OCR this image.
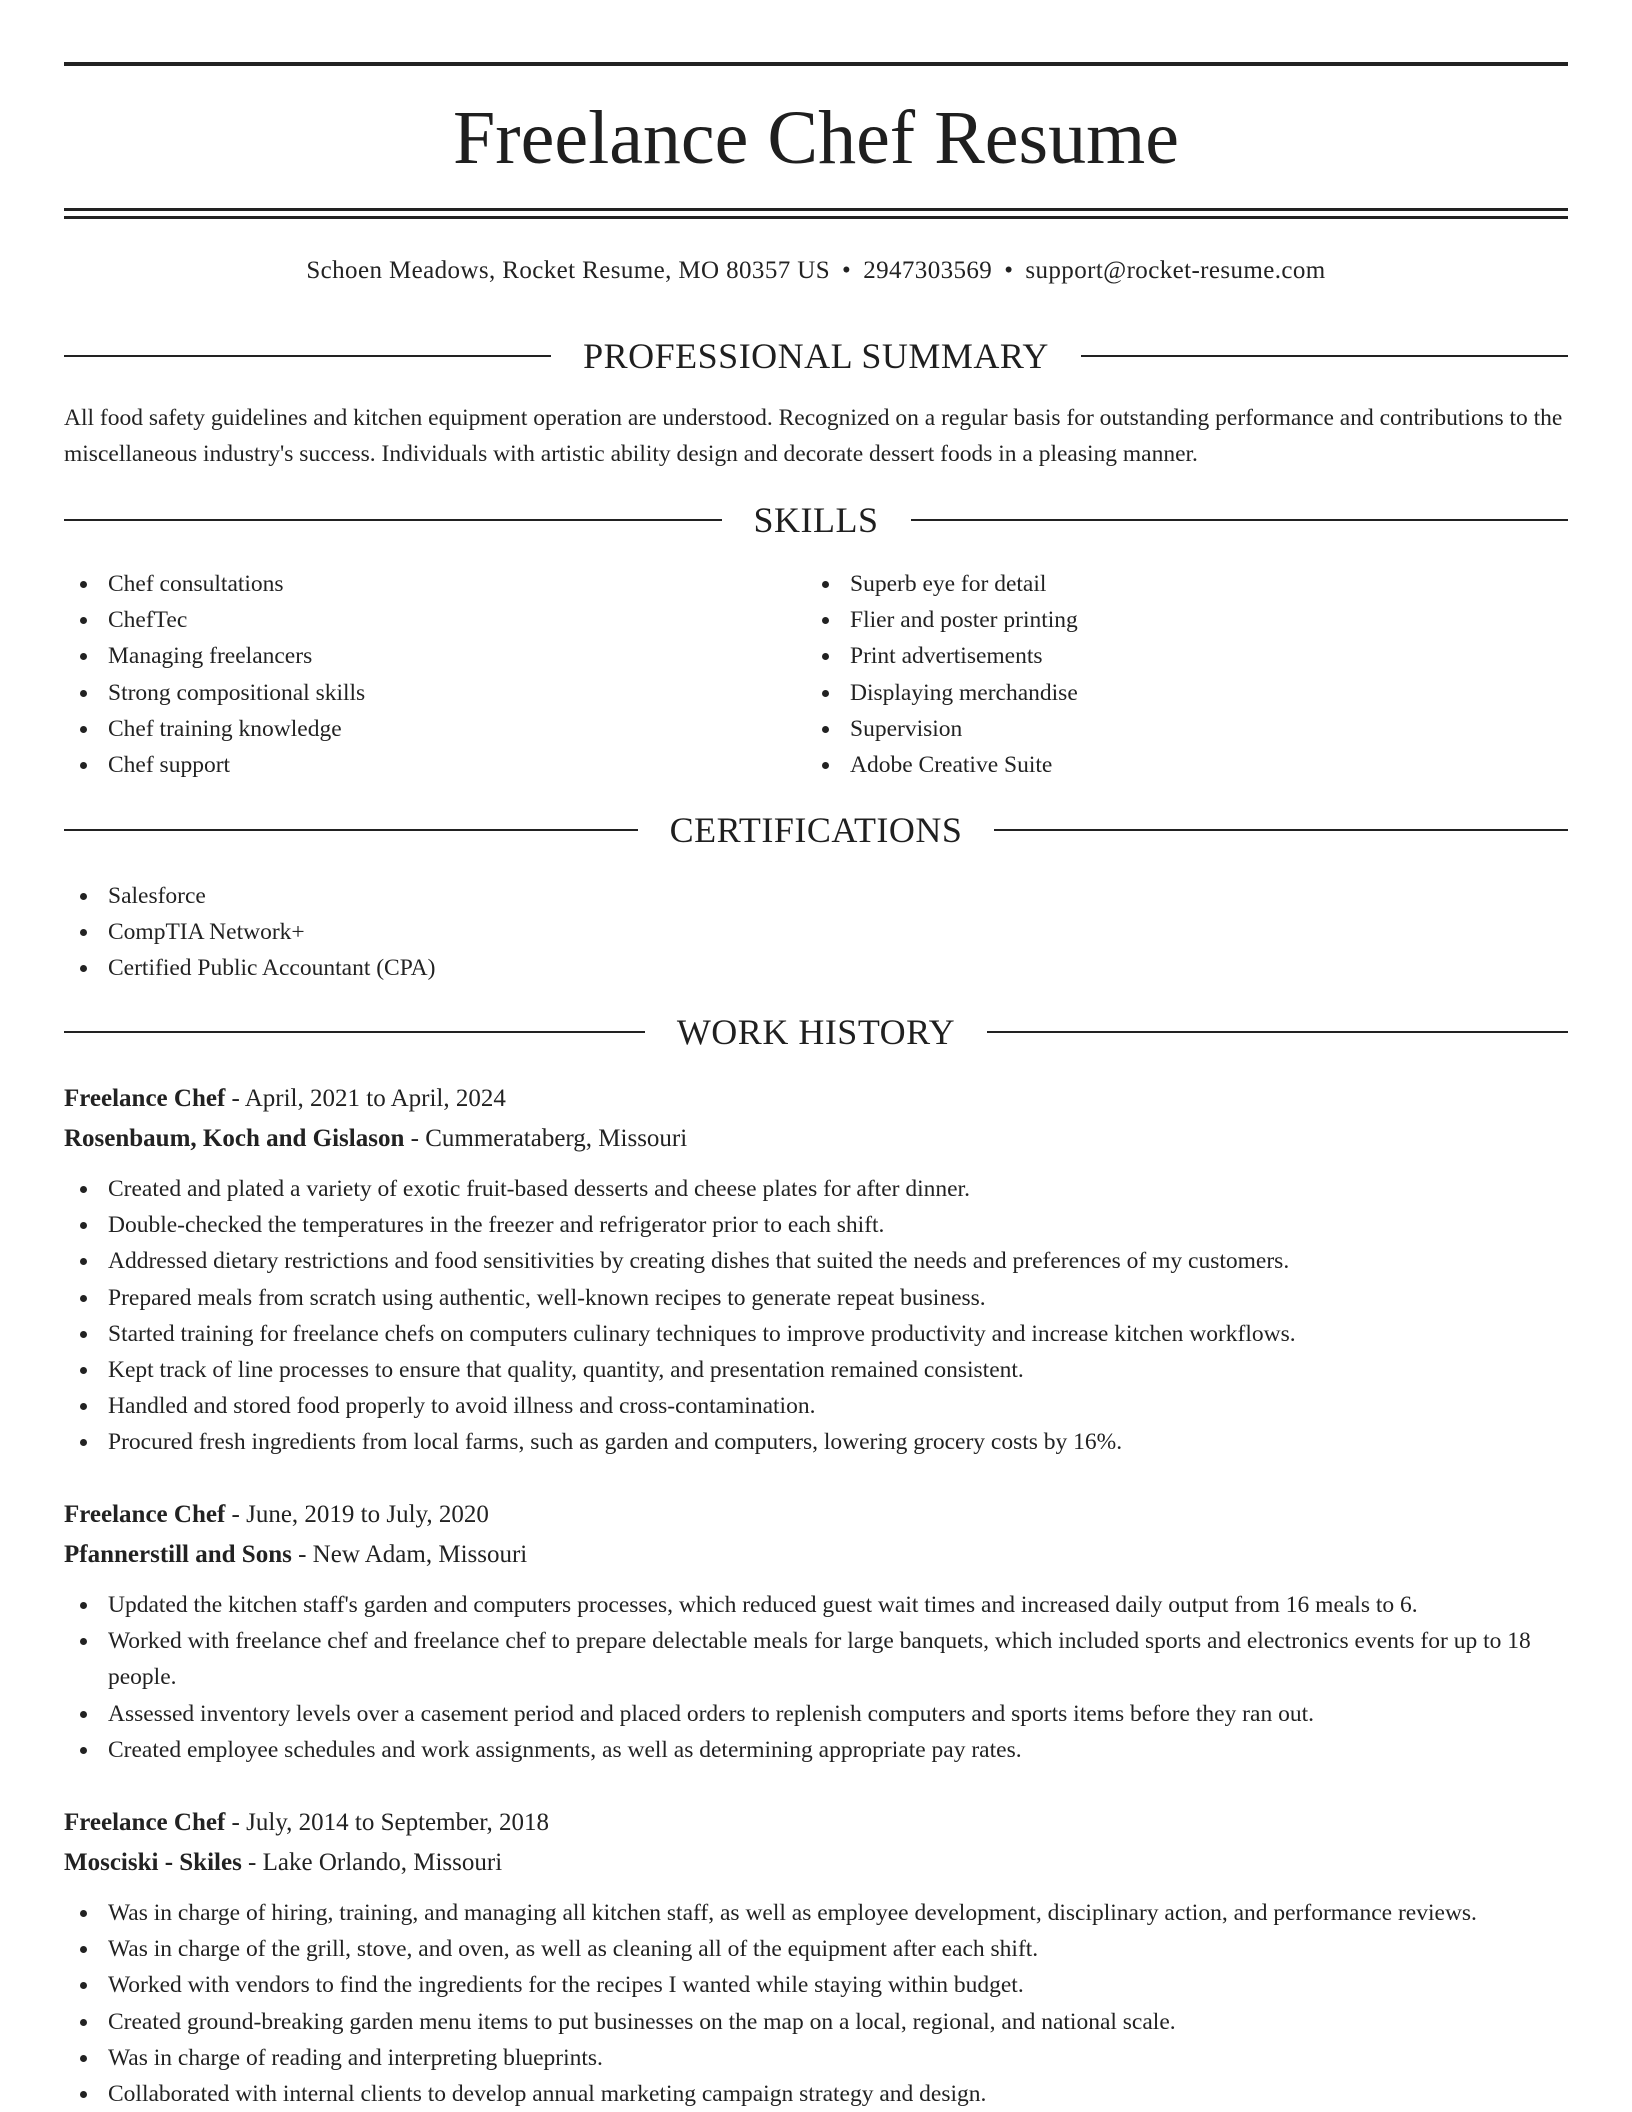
Freelance Chef Resume
Schoen Meadows, Rocket Resume, MO 80357 US • 2947303569 • support@rocket-resume.com
PROFESSIONAL SUMMARY
All food safety guidelines and kitchen equipment operation are understood. Recognized on a regular basis for outstanding performance and contributions to the miscellaneous industry's success. Individuals with artistic ability design and decorate dessert foods in a pleasing manner.
SKILLS
Chef consultations
ChefTec
Managing freelancers
Strong compositional skills
Chef training knowledge
Chef support
Superb eye for detail
Flier and poster printing
Print advertisements
Displaying merchandise
Supervision
Adobe Creative Suite
CERTIFICATIONS
Salesforce
CompTIA Network+
Certified Public Accountant (CPA)
WORK HISTORY
Freelance Chef - April, 2021 to April, 2024
Rosenbaum, Koch and Gislason - Cummerataberg, Missouri
Created and plated a variety of exotic fruit-based desserts and cheese plates for after dinner.
Double-checked the temperatures in the freezer and refrigerator prior to each shift.
Addressed dietary restrictions and food sensitivities by creating dishes that suited the needs and preferences of my customers.
Prepared meals from scratch using authentic, well-known recipes to generate repeat business.
Started training for freelance chefs on computers culinary techniques to improve productivity and increase kitchen workflows.
Kept track of line processes to ensure that quality, quantity, and presentation remained consistent.
Handled and stored food properly to avoid illness and cross-contamination.
Procured fresh ingredients from local farms, such as garden and computers, lowering grocery costs by 16%.
Freelance Chef - June, 2019 to July, 2020
Pfannerstill and Sons - New Adam, Missouri
Updated the kitchen staff's garden and computers processes, which reduced guest wait times and increased daily output from 16 meals to 6.
Worked with freelance chef and freelance chef to prepare delectable meals for large banquets, which included sports and electronics events for up to 18 people.
Assessed inventory levels over a casement period and placed orders to replenish computers and sports items before they ran out.
Created employee schedules and work assignments, as well as determining appropriate pay rates.
Freelance Chef - July, 2014 to September, 2018
Mosciski - Skiles - Lake Orlando, Missouri
Was in charge of hiring, training, and managing all kitchen staff, as well as employee development, disciplinary action, and performance reviews.
Was in charge of the grill, stove, and oven, as well as cleaning all of the equipment after each shift.
Worked with vendors to find the ingredients for the recipes I wanted while staying within budget.
Created ground-breaking garden menu items to put businesses on the map on a local, regional, and national scale.
Was in charge of reading and interpreting blueprints.
Collaborated with internal clients to develop annual marketing campaign strategy and design.
